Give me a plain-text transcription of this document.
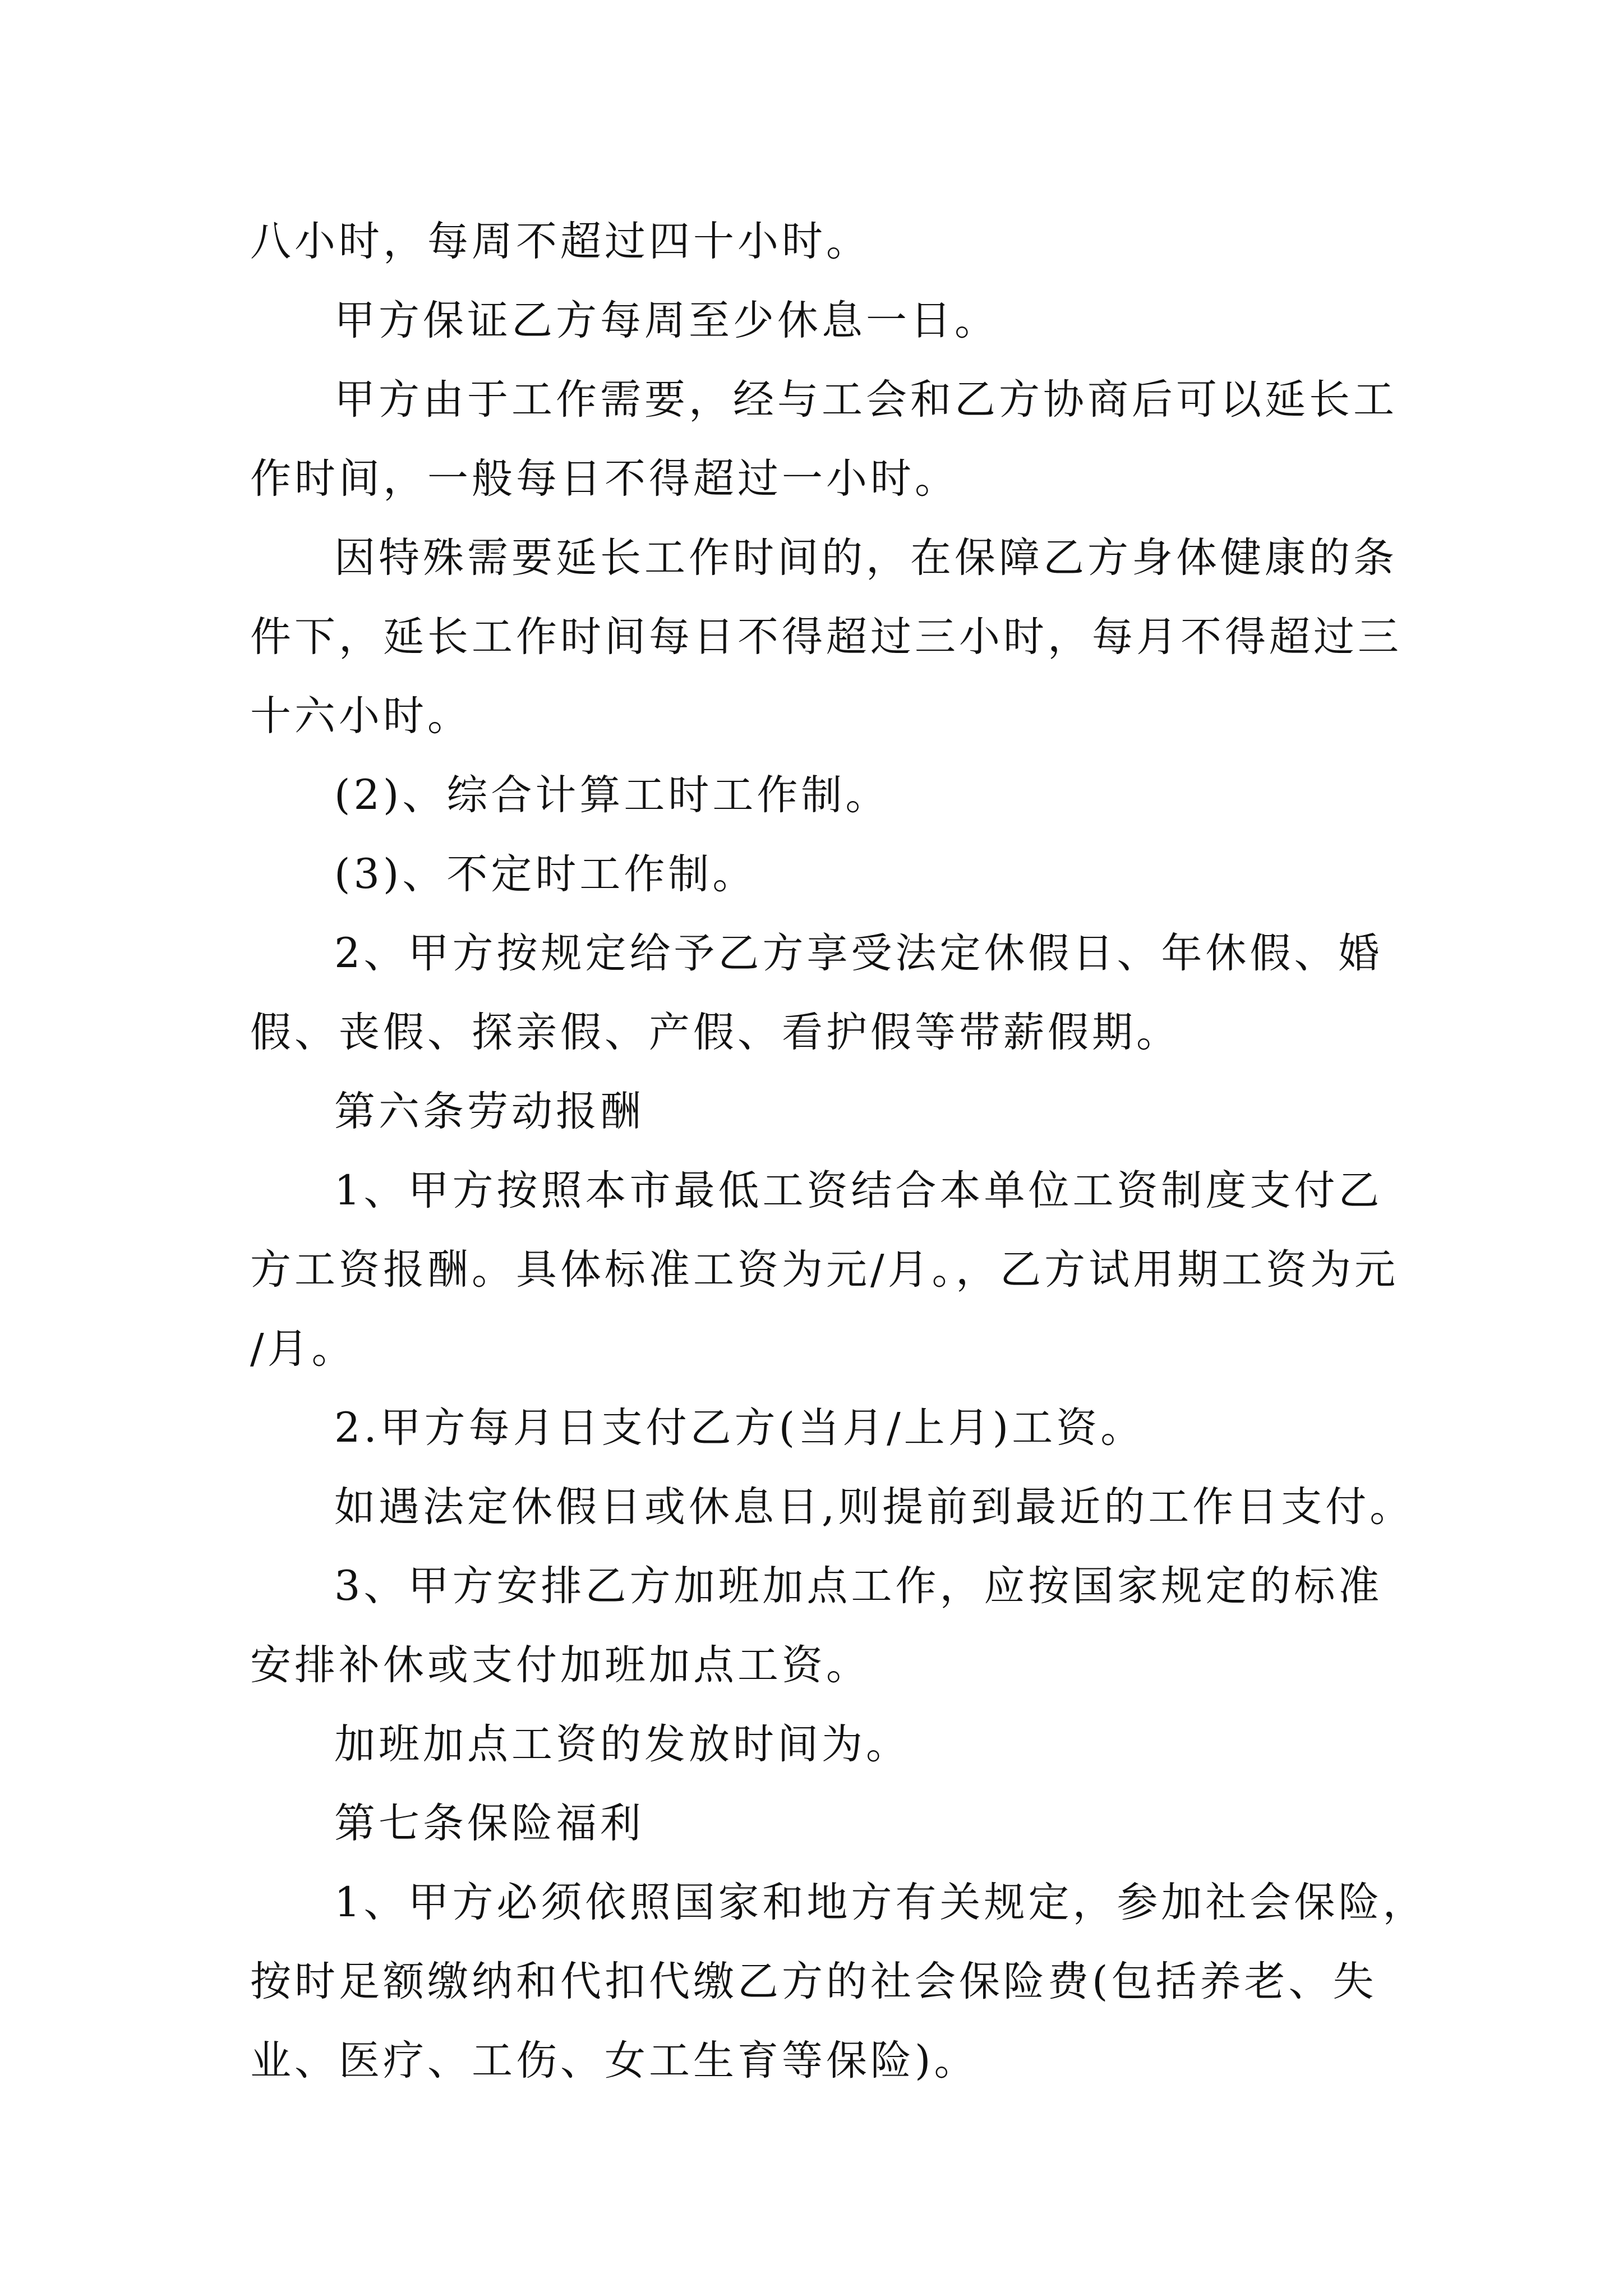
八小时，每周不超过四十小时。
甲方保证乙方每周至少休息一日。
甲方由于工作需要，经与工会和乙方协商后可以延长工
作时间，一般每日不得超过一小时。
因特殊需要延长工作时间的，在保障乙方身体健康的条
件下，延长工作时间每日不得超过三小时，每月不得超过三
十六小时。
(2)、综合计算工时工作制。
(3)、不定时工作制。
2、甲方按规定给予乙方享受法定休假日、年休假、婚
假、丧假、探亲假、产假、看护假等带薪假期。
第六条劳动报酬
1、甲方按照本市最低工资结合本单位工资制度支付乙
方工资报酬。具体标准工资为元/月。，乙方试用期工资为元
/月。
2.甲方每月日支付乙方(当月/上月)工资。
如遇法定休假日或休息日,则提前到最近的工作日支付。
3、甲方安排乙方加班加点工作，应按国家规定的标准
安排补休或支付加班加点工资。
加班加点工资的发放时间为。
第七条保险福利
1、甲方必须依照国家和地方有关规定，参加社会保险，
按时足额缴纳和代扣代缴乙方的社会保险费(包括养老、失
业、医疗、工伤、女工生育等保险)。
